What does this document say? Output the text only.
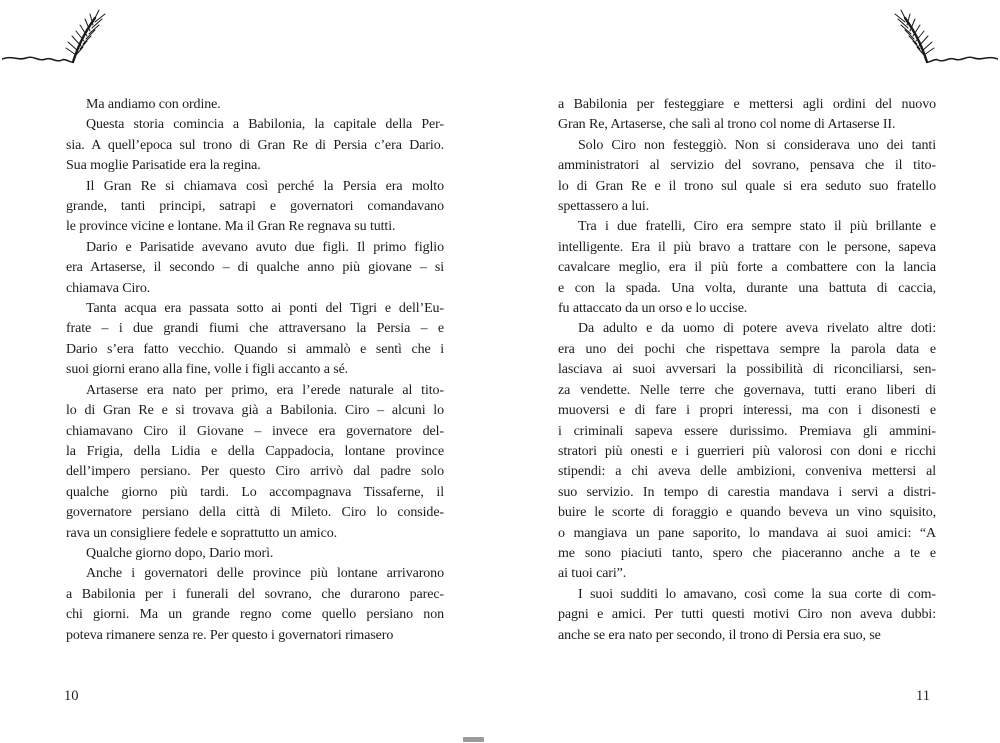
Ma andiamo con ordine.
Questa storia comincia a Babilonia, la capitale della Per-
sia. A quell’epoca sul trono di Gran Re di Persia c’era Dario.
Sua moglie Parisatide era la regina.
Il Gran Re si chiamava così perché la Persia era molto
grande, tanti principi, satrapi e governatori comandavano
le province vicine e lontane. Ma il Gran Re regnava su tutti.
Dario e Parisatide avevano avuto due figli. Il primo figlio
era Artaserse, il secondo – di qualche anno più giovane – si
chiamava Ciro.
Tanta acqua era passata sotto ai ponti del Tigri e dell’Eu-
frate – i due grandi fiumi che attraversano la Persia – e
Dario s’era fatto vecchio. Quando si ammalò e sentì che i
suoi giorni erano alla fine, volle i figli accanto a sé.
Artaserse era nato per primo, era l’erede naturale al tito-
lo di Gran Re e si trovava già a Babilonia. Ciro – alcuni lo
chiamavano Ciro il Giovane – invece era governatore del-
la Frigia, della Lidia e della Cappadocia, lontane province
dell’impero persiano. Per questo Ciro arrivò dal padre solo
qualche giorno più tardi. Lo accompagnava Tissaferne, il
governatore persiano della città di Mileto. Ciro lo conside-
rava un consigliere fedele e soprattutto un amico.
Qualche giorno dopo, Dario morì.
Anche i governatori delle province più lontane arrivarono
a Babilonia per i funerali del sovrano, che durarono parec-
chi giorni. Ma un grande regno come quello persiano non
poteva rimanere senza re. Per questo i governatori rimasero
10
a Babilonia per festeggiare e mettersi agli ordini del nuovo
Gran Re, Artaserse, che salì al trono col nome di Artaserse II.
Solo Ciro non festeggiò. Non si considerava uno dei tanti
amministratori al servizio del sovrano, pensava che il tito-
lo di Gran Re e il trono sul quale si era seduto suo fratello
spettassero a lui.
Tra i due fratelli, Ciro era sempre stato il più brillante e
intelligente. Era il più bravo a trattare con le persone, sapeva
cavalcare meglio, era il più forte a combattere con la lancia
e con la spada. Una volta, durante una battuta di caccia,
fu attaccato da un orso e lo uccise.
Da adulto e da uomo di potere aveva rivelato altre doti:
era uno dei pochi che rispettava sempre la parola data e
lasciava ai suoi avversari la possibilità di riconciliarsi, sen-
za vendette. Nelle terre che governava, tutti erano liberi di
muoversi e di fare i propri interessi, ma con i disonesti e
i criminali sapeva essere durissimo. Premiava gli ammini-
stratori più onesti e i guerrieri più valorosi con doni e ricchi
stipendi: a chi aveva delle ambizioni, conveniva mettersi al
suo servizio. In tempo di carestia mandava i servi a distri-
buire le scorte di foraggio e quando beveva un vino squisito,
o mangiava un pane saporito, lo mandava ai suoi amici: “A
me sono piaciuti tanto, spero che piaceranno anche a te e
ai tuoi cari”.
I suoi sudditi lo amavano, così come la sua corte di com-
pagni e amici. Per tutti questi motivi Ciro non aveva dubbi:
anche se era nato per secondo, il trono di Persia era suo, se
11
